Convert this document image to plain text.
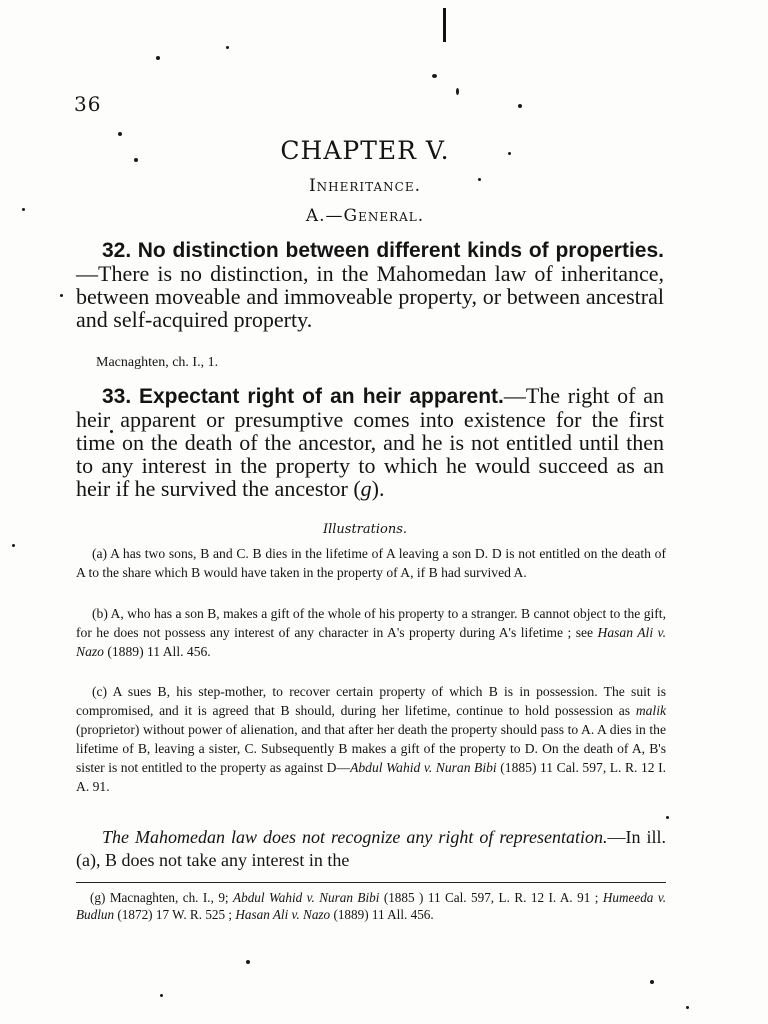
36
CHAPTER V.
Inheritance.
A.—General.
32. No distinction between different kinds of properties.—There is no distinction, in the Mahomedan law of inheritance, between moveable and immoveable property, or between ancestral and self-acquired property.
Macnaghten, ch. I., 1.
33. Expectant right of an heir apparent.—The right of an heir apparent or presumptive comes into existence for the first time on the death of the ancestor, and he is not entitled until then to any interest in the property to which he would succeed as an heir if he survived the ancestor (g).
Illustrations.
(a) A has two sons, B and C. B dies in the lifetime of A leaving a son D. D is not entitled on the death of A to the share which B would have taken in the property of A, if B had survived A.
(b) A, who has a son B, makes a gift of the whole of his property to a stranger. B cannot object to the gift, for he does not possess any interest of any character in A's property during A's lifetime ; see Hasan Ali v. Nazo (1889) 11 All. 456.
(c) A sues B, his step-mother, to recover certain property of which B is in possession. The suit is compromised, and it is agreed that B should, during her lifetime, continue to hold possession as malik (proprietor) without power of alienation, and that after her death the property should pass to A. A dies in the lifetime of B, leaving a sister, C. Subsequently B makes a gift of the property to D. On the death of A, B's sister is not entitled to the property as against D—Abdul Wahid v. Nuran Bibi (1885) 11 Cal. 597, L. R. 12 I. A. 91.
The Mahomedan law does not recognize any right of representation.—In ill. (a), B does not take any interest in the
(g) Macnaghten, ch. I., 9; Abdul Wahid v. Nuran Bibi (1885 ) 11 Cal. 597, L. R. 12 I. A. 91 ; Humeeda v. Budlun (1872) 17 W. R. 525 ; Hasan Ali v. Nazo (1889) 11 All. 456.
